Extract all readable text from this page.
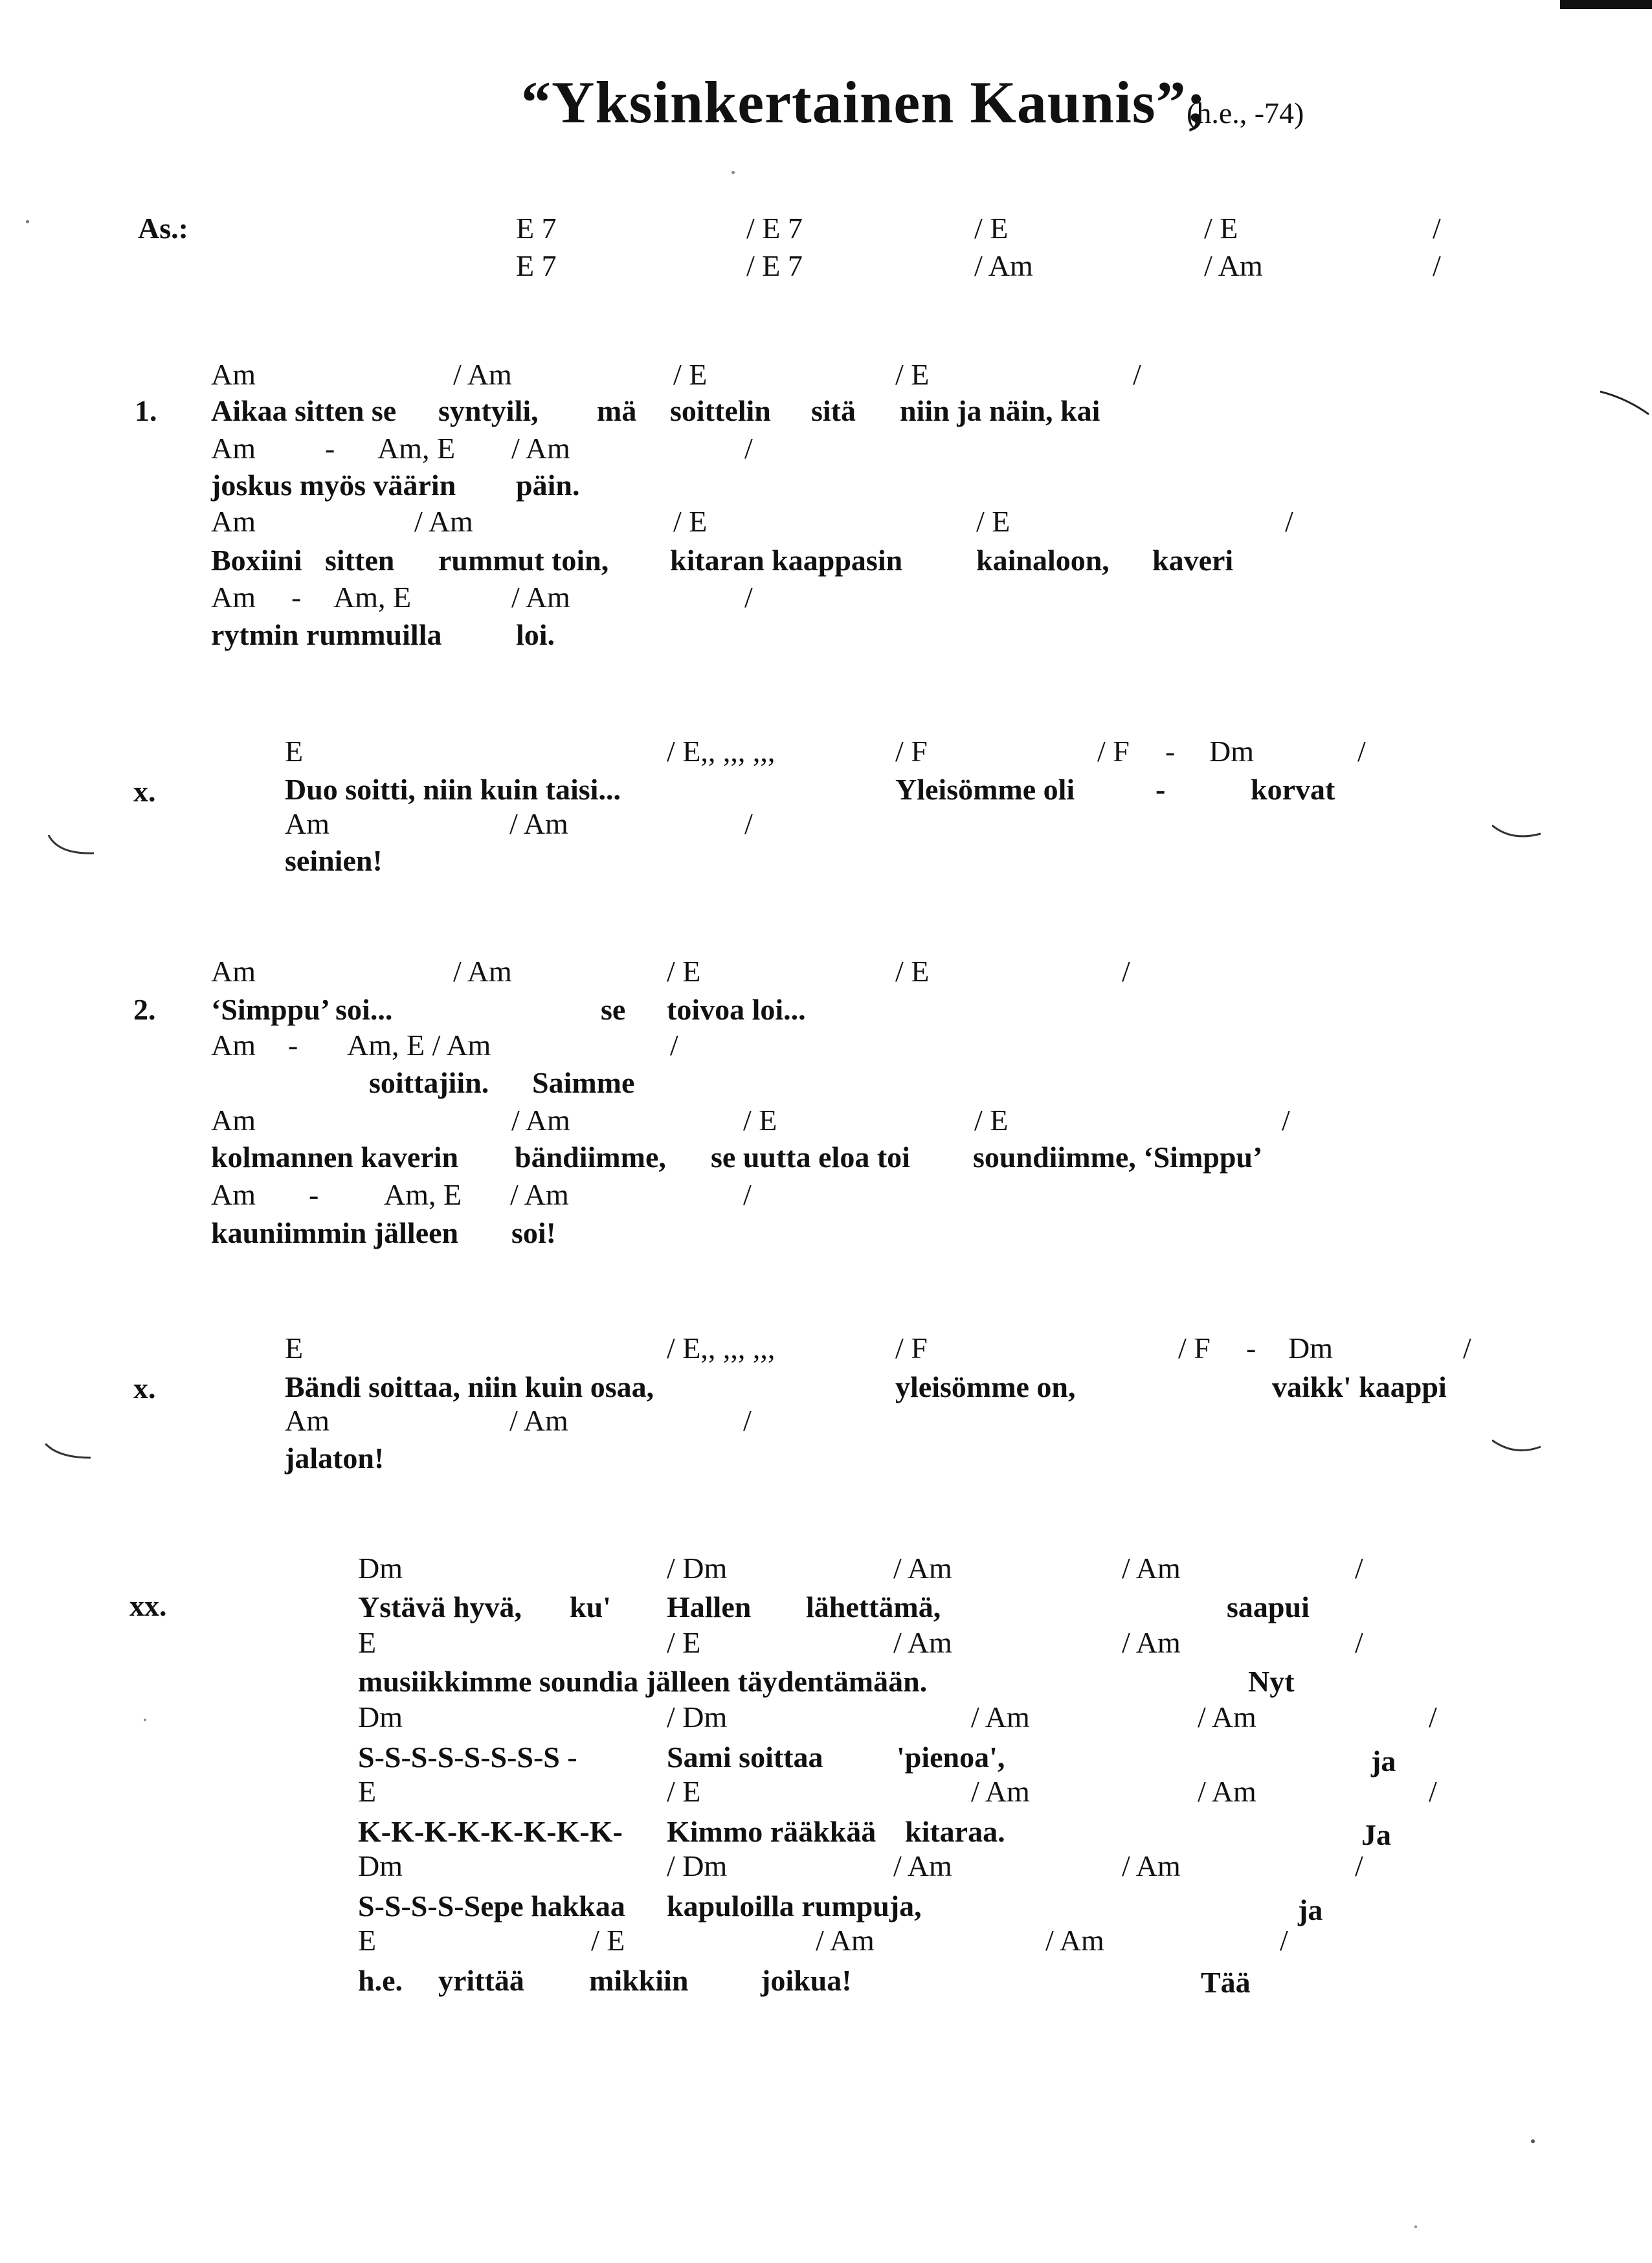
“Yksinkertainen Kaunis”;
(h.e., -74)
As.:	E 7	/ E 7	/ E	/ E	/
E 7	/ E 7	/ Am	/ Am	/
1.
Am	/ Am	/ E	/ E	/
Aikaa sitten se syntyili, mä soittelin sitä niin ja näin, kai
Am - Am, E / Am	/
joskus myös väärin päin.
Am	/ Am	/ E	/ E	/
Boxiini sitten rummut toin, kitaran kaappasin kainaloon, kaveri
Am - Am, E	/ Am	/
rytmin rummuilla loi.
x.
E	/ E,, ,,, ,,,	/ F	/ F - Dm	/
Duo soitti, niin kuin taisi...	Yleisömme oli	-	korvat
Am	/ Am	/
seinien!
2.
Am	/ Am	/ E	/ E	/
‘Simppu’ soi...	se toivoa loi...
Am - Am, E / Am	/
soittajiin. Saimme
Am	/ Am	/ E	/ E	/
kolmannen kaverin bändiimme, se uutta eloa toi soundiimme, ‘Simppu’
Am - Am, E / Am	/
kauniimmin jälleen soi!
x.
E	/ E,, ,,, ,,,	/ F	/ F - Dm	/
Bändi soittaa, niin kuin osaa,	yleisömme on,	vaikk' kaappi
Am	/ Am	/
jalaton!
xx.
Dm	/ Dm	/ Am	/ Am	/
Ystävä hyvä, ku' Hallen lähettämä,	saapui
E	/ E	/ Am	/ Am	/
musiikkimme soundia jälleen täydentämään.	Nyt
Dm	/ Dm	/ Am	/ Am	/
S-S-S-S-S-S-S-S -	Sami soittaa 'pienoa',	ja
E	/ E	/ Am	/ Am	/
K-K-K-K-K-K-K-K- Kimmo rääkkää kitaraa.	Ja
Dm	/ Dm	/ Am	/ Am	/
S-S-S-S-Sepe hakkaa kapuloilla rumpuja,	ja
E	/ E	/ Am	/ Am	/
h.e. yrittää mikkiin joikua!	Tää
